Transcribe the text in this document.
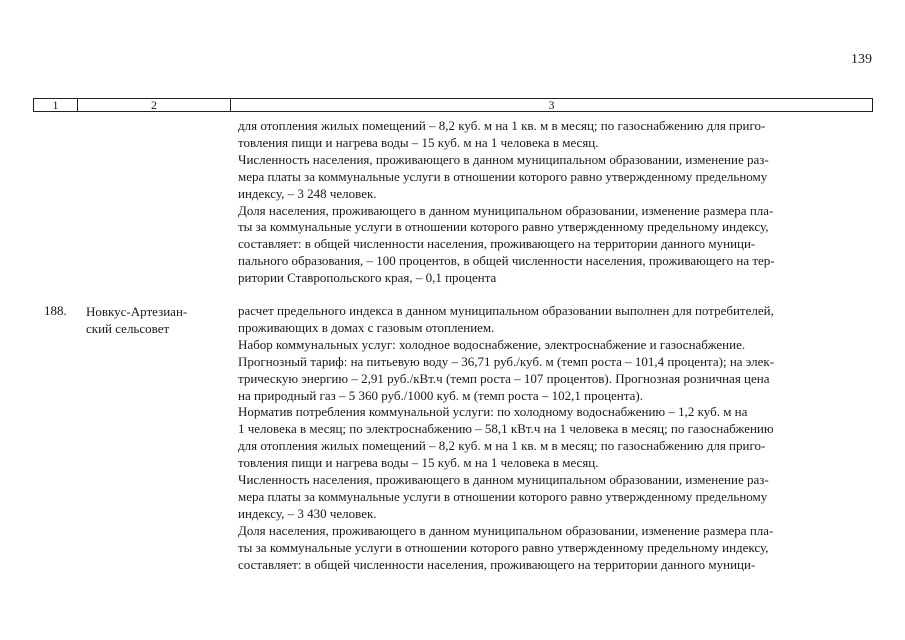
139
1	2	3

для отопления жилых помещений – 8,2 куб. м на 1 кв. м в месяц; по газоснабжению для приго-
товления пищи и нагрева воды – 15 куб. м на 1 человека в месяц.

Численность населения, проживающего в данном муниципальном образовании, изменение раз-
мера платы за коммунальные услуги в отношении которого равно утвержденному предельному
индексу, – 3 248 человек.

Доля населения, проживающего в данном муниципальном образовании, изменение размера пла-
ты за коммунальные услуги в отношении которого равно утвержденному предельному индексу,
составляет: в общей численности населения, проживающего на территории данного муници-
пального образования, – 100 процентов, в общей численности населения, проживающего на тер-
ритории Ставропольского края, – 0,1 процента

188. Новкус-Артезиан-
ский сельсовет

расчет предельного индекса в данном муниципальном образовании выполнен для потребителей,
проживающих в домах с газовым отоплением.

Набор коммунальных услуг: холодное водоснабжение, электроснабжение и газоснабжение.

Прогнозный тариф: на питьевую воду – 36,71 руб./куб. м (темп роста – 101,4 процента); на элек-
трическую энергию – 2,91 руб./кВт.ч (темп роста – 107 процентов). Прогнозная розничная цена
на природный газ – 5 360 руб./1000 куб. м (темп роста – 102,1 процента).

Норматив потребления коммунальной услуги: по холодному водоснабжению – 1,2 куб. м на
1 человека в месяц; по электроснабжению – 58,1 кВт.ч на 1 человека в месяц; по газоснабжению
для отопления жилых помещений – 8,2 куб. м на 1 кв. м в месяц; по газоснабжению для приго-
товления пищи и нагрева воды – 15 куб. м на 1 человека в месяц.

Численность населения, проживающего в данном муниципальном образовании, изменение раз-
мера платы за коммунальные услуги в отношении которого равно утвержденному предельному
индексу, – 3 430 человек.

Доля населения, проживающего в данном муниципальном образовании, изменение размера пла-
ты за коммунальные услуги в отношении которого равно утвержденному предельному индексу,
составляет: в общей численности населения, проживающего на территории данного муници-
